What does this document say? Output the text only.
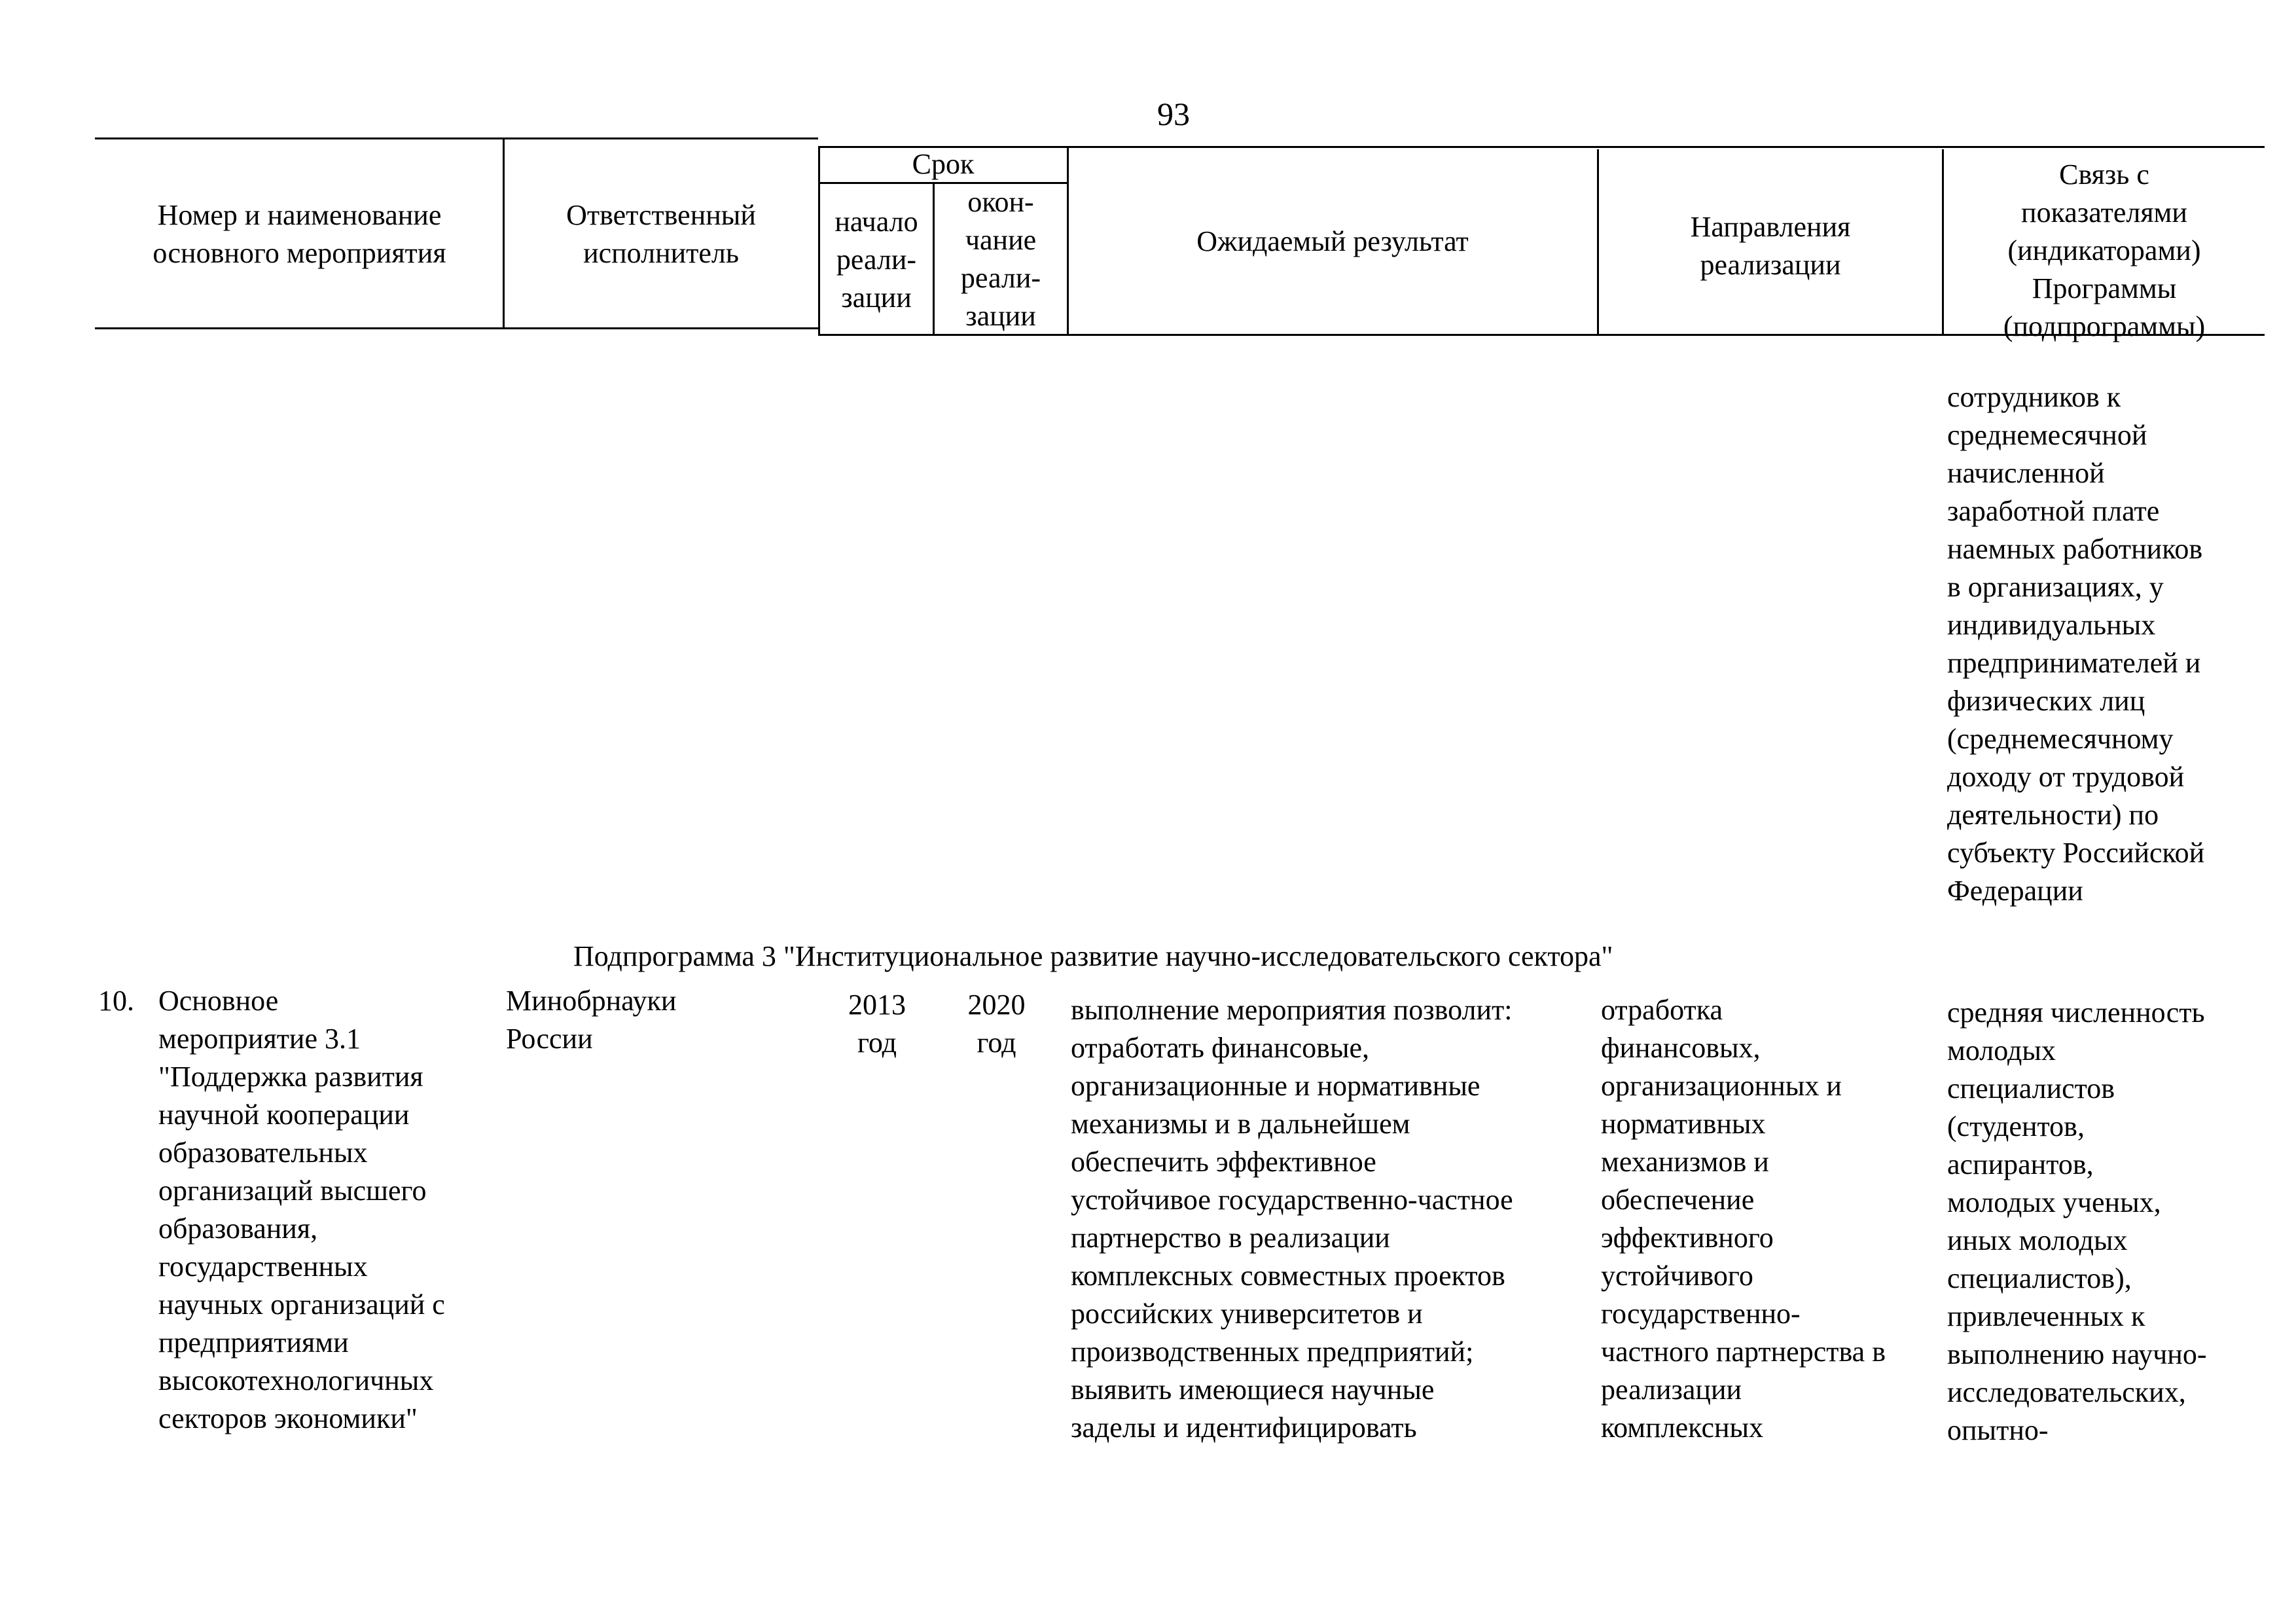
93
Номер и наименование
основного мероприятия
Ответственный
исполнитель
Срок
начало
реали-
зации
окон-
чание
реали-
зации
Ожидаемый результат	Направления
реализации
Связь с
показателями
(индикаторами)
Программы
(подпрограммы)
сотрудников к
среднемесячной
начисленной
заработной плате
наемных работников
в организациях, у
индивидуальных
предпринимателей и
физических лиц
(среднемесячному
доходу от трудовой
деятельности) по
субъекту Российской
Федерации
Подпрограмма 3 "Институциональное развитие научно-исследовательского сектора"
10. Основное
мероприятие 3.1
"Поддержка развития
научной кооперации
образовательных
организаций высшего
образования,
государственных
научных организаций с
предприятиями
высокотехнологичных
секторов экономики"
Минобрнауки
России
2013
год
2020
год
выполнение мероприятия позволит:
отработать финансовые,
организационные и нормативные
механизмы и в дальнейшем
обеспечить эффективное
устойчивое государственно-частное
партнерство в реализации
комплексных совместных проектов
российских университетов и
производственных предприятий;
выявить имеющиеся научные
заделы и идентифицировать
отработка
финансовых,
организационных и
нормативных
механизмов и
обеспечение
эффективного
устойчивого
государственно-
частного партнерства в
реализации
комплексных
средняя численность
молодых
специалистов
(студентов,
аспирантов,
молодых ученых,
иных молодых
специалистов),
привлеченных к
выполнению научно-
исследовательских,
опытно-
